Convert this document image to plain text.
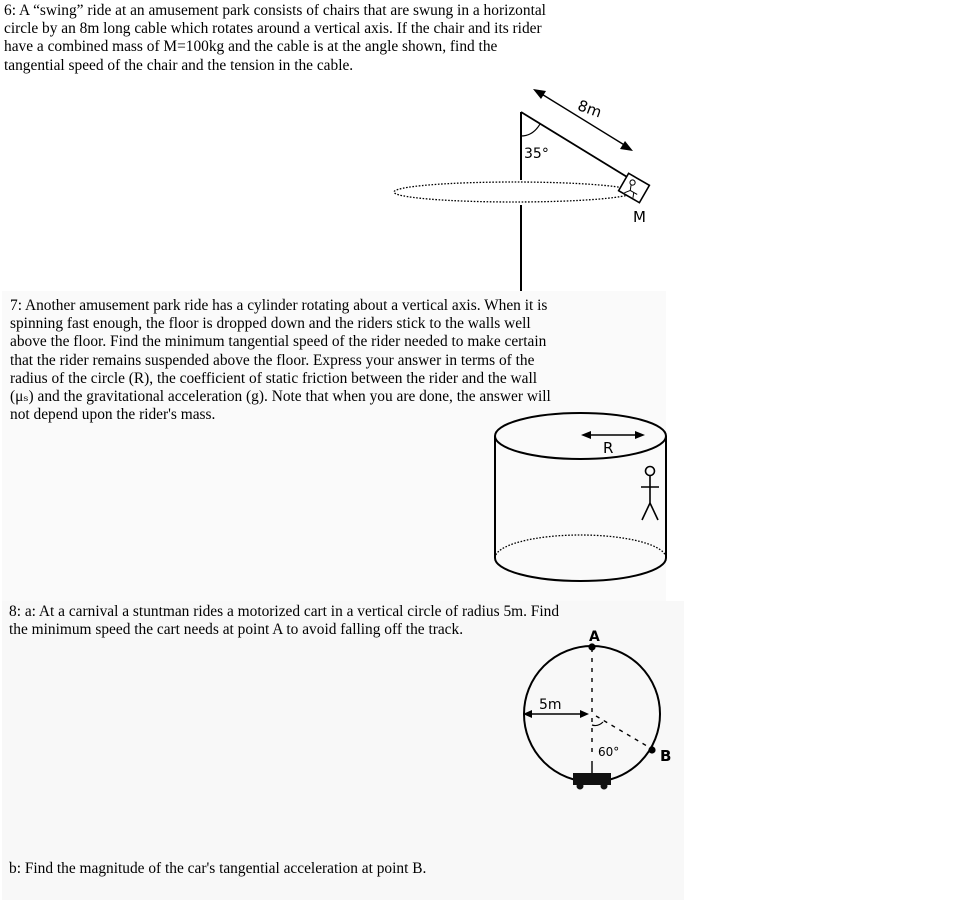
6: A “swing” ride at an amusement park consists of chairs that are swung in a horizontal
circle by an 8m long cable which rotates around a vertical axis. If the chair and its rider
have a combined mass of M=100kg and the cable is at the angle shown, find the
tangential speed of the chair and the tension in the cable.

35°
8m
M

7: Another amusement park ride has a cylinder rotating about a vertical axis. When it is
spinning fast enough, the floor is dropped down and the riders stick to the walls well
above the floor. Find the minimum tangential speed of the rider needed to make certain
that the rider remains suspended above the floor. Express your answer in terms of the
radius of the circle (R), the coefficient of static friction between the rider and the wall
(μₛ) and the gravitational acceleration (g). Note that when you are done, the answer will
not depend upon the rider's mass.

R

8: a: At a carnival a stuntman rides a motorized cart in a vertical circle of radius 5m. Find
the minimum speed the cart needs at point A to avoid falling off the track.

b: Find the magnitude of the car's tangential acceleration at point B.

60°
A
B
5m
